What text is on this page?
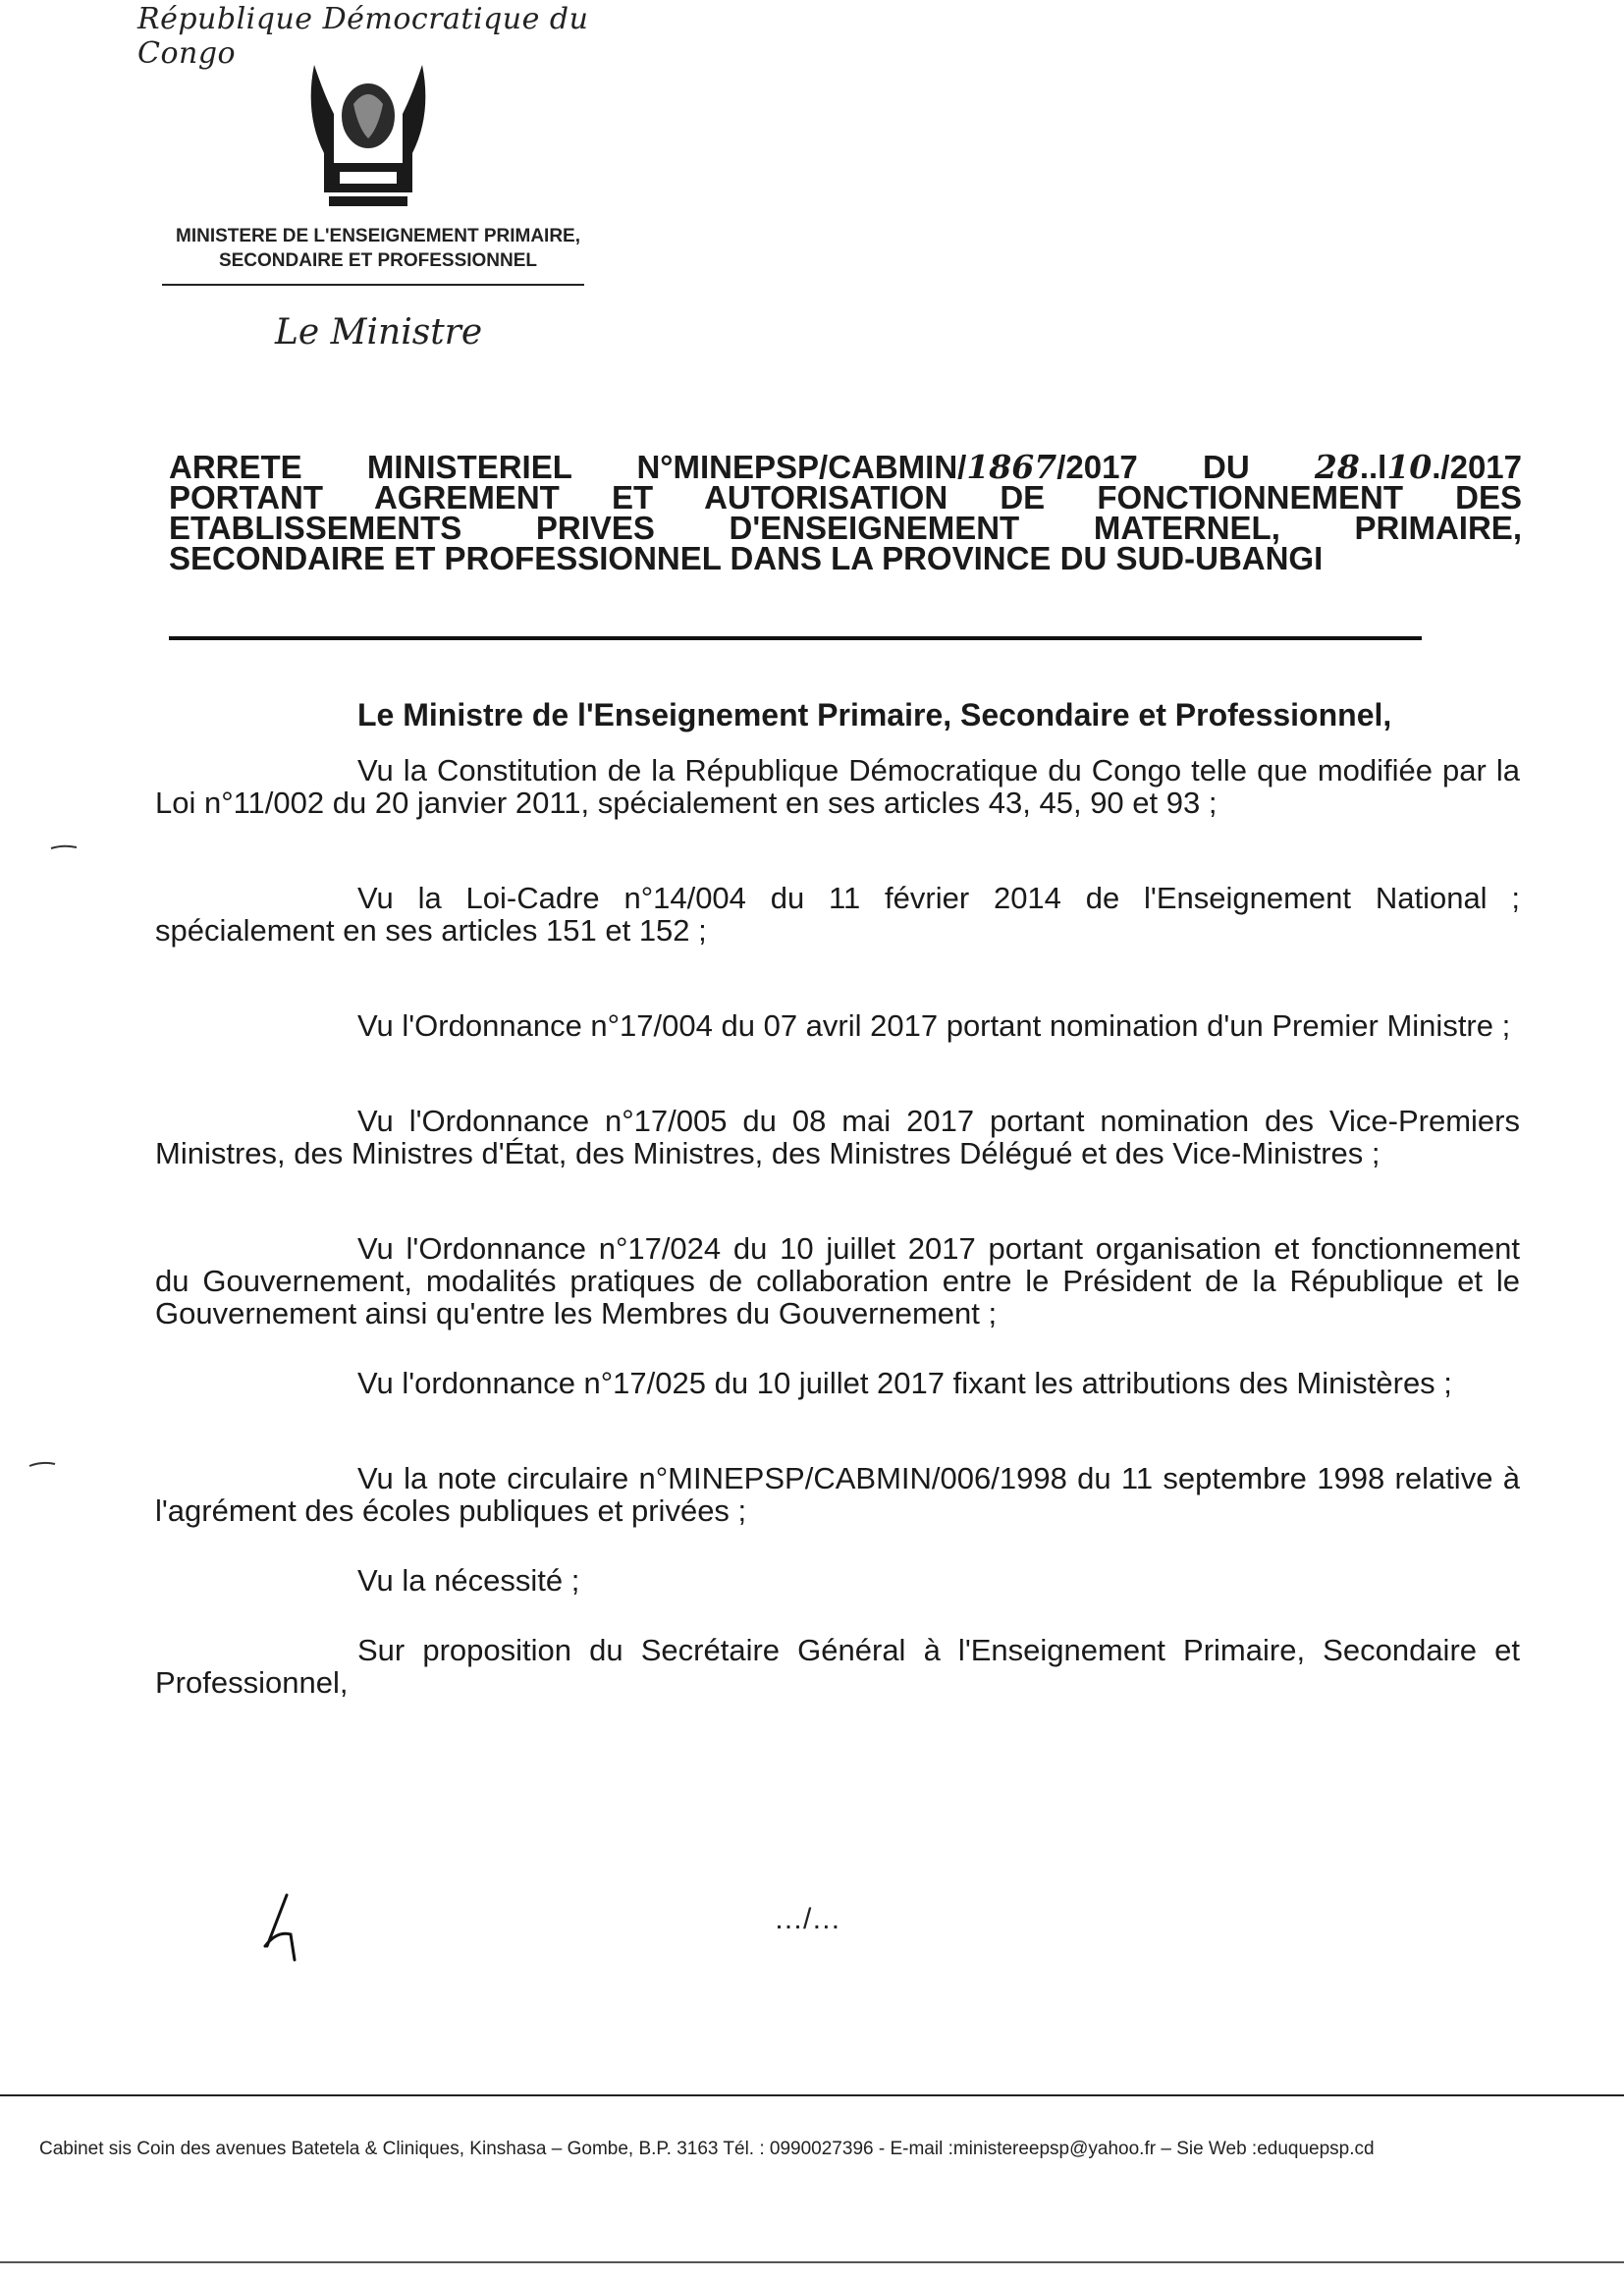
République Démocratique du Congo
MINISTERE DE L'ENSEIGNEMENT PRIMAIRE,
SECONDAIRE ET PROFESSIONNEL
Le Ministre
ARRETE MINISTERIEL N°MINEPSP/CABMIN/1867/2017 DU 28..l10./2017
PORTANT AGREMENT ET AUTORISATION DE FONCTIONNEMENT DES
ETABLISSEMENTS PRIVES D'ENSEIGNEMENT MATERNEL, PRIMAIRE,
SECONDAIRE ET PROFESSIONNEL DANS LA PROVINCE DU SUD-UBANGI
Le Ministre de l'Enseignement Primaire, Secondaire et Professionnel,

Vu la Constitution de la République Démocratique du Congo telle que modifiée par la Loi n°11/002 du 20 janvier 2011, spécialement en ses articles 43, 45, 90 et 93 ;

Vu la Loi-Cadre n°14/004 du 11 février 2014 de l'Enseignement National ; spécialement en ses articles 151 et 152 ;

Vu l'Ordonnance n°17/004 du 07 avril 2017 portant nomination d'un Premier Ministre ;

Vu l'Ordonnance n°17/005 du 08 mai 2017 portant nomination des Vice-Premiers Ministres, des Ministres d'État, des Ministres, des Ministres Délégué et des Vice-Ministres ;

Vu l'Ordonnance n°17/024 du 10 juillet 2017 portant organisation et fonctionnement du Gouvernement, modalités pratiques de collaboration entre le Président de la République et le Gouvernement ainsi qu'entre les Membres du Gouvernement ;

Vu l'ordonnance n°17/025 du 10 juillet 2017 fixant les attributions des Ministères ;

Vu la note circulaire n°MINEPSP/CABMIN/006/1998 du 11 septembre 1998 relative à l'agrément des écoles publiques et privées ;

Vu la nécessité ;

Sur proposition du Secrétaire Général à l'Enseignement Primaire, Secondaire et Professionnel,

…/…
Cabinet sis Coin des avenues Batetela & Cliniques, Kinshasa – Gombe, B.P. 3163 Tél. : 0990027396 - E-mail :ministereepsp@yahoo.fr – Sie Web :eduquepsp.cd
